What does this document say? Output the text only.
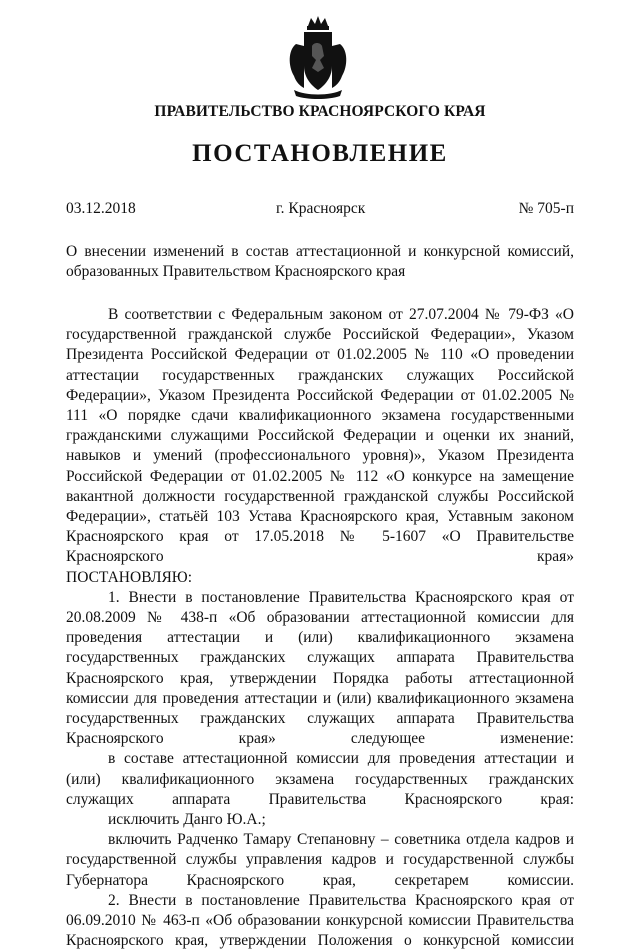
ПРАВИТЕЛЬСТВО КРАСНОЯРСКОГО КРАЯ
ПОСТАНОВЛЕНИЕ
03.12.2018	г. Красноярск	№ 705-п
О внесении изменений в состав аттестационной и конкурсной комиссий, образованных Правительством Красноярского края

В соответствии с Федеральным законом от 27.07.2004 № 79-ФЗ «О государственной гражданской службе Российской Федерации», Указом Президента Российской Федерации от 01.02.2005 № 110 «О проведении аттестации государственных гражданских служащих Российской Федерации», Указом Президента Российской Федерации от 01.02.2005 № 111 «О порядке сдачи квалификационного экзамена государственными гражданскими служащими Российской Федерации и оценки их знаний, навыков и умений (профессионального уровня)», Указом Президента Российской Федерации от 01.02.2005 № 112 «О конкурсе на замещение вакантной должности государственной гражданской службы Российской Федерации», статьёй 103 Устава Красноярского края, Уставным законом Красноярского края от 17.05.2018 № 5-1607 «О Правительстве Красноярского края»

ПОСТАНОВЛЯЮ:

1. Внести в постановление Правительства Красноярского края от 20.08.2009 № 438-п «Об образовании аттестационной комиссии для проведения аттестации и (или) квалификационного экзамена государственных гражданских служащих аппарата Правительства Красноярского края, утверждении Порядка работы аттестационной комиссии для проведения аттестации и (или) квалификационного экзамена государственных гражданских служащих аппарата Правительства Красноярского края» следующее изменение:

в составе аттестационной комиссии для проведения аттестации и (или) квалификационного экзамена государственных гражданских служащих аппарата Правительства Красноярского края:

исключить Данго Ю.А.;

включить Радченко Тамару Степановну – советника отдела кадров и государственной службы управления кадров и государственной службы Губернатора Красноярского края, секретарем комиссии.

2. Внести в постановление Правительства Красноярского края от 06.09.2010 № 463-п «Об образовании конкурсной комиссии Правительства Красноярского края, утверждении Положения о конкурсной комиссии
